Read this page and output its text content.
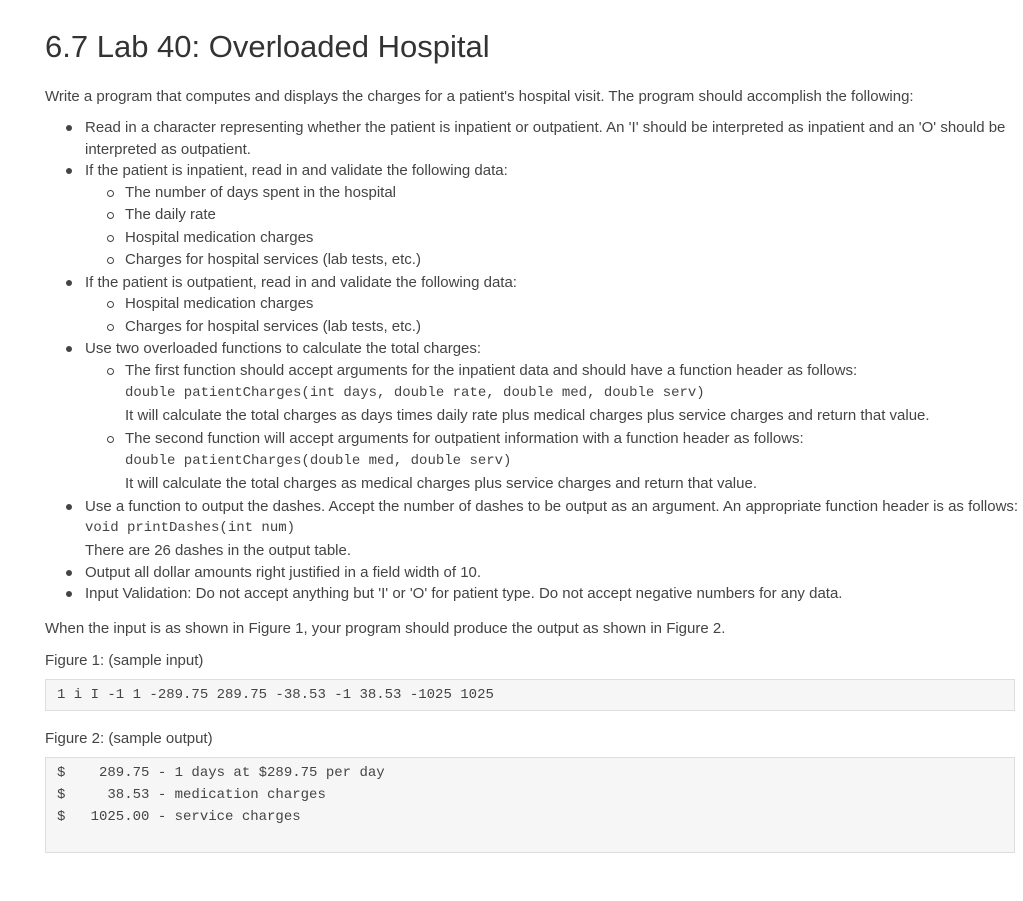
6.7 Lab 40: Overloaded Hospital

Write a program that computes and displays the charges for a patient's hospital visit. The program should accomplish the following:

Read in a character representing whether the patient is inpatient or outpatient. An 'I' should be interpreted as inpatient and an 'O' should be interpreted as outpatient.
If the patient is inpatient, read in and validate the following data:
The number of days spent in the hospital
The daily rate
Hospital medication charges
Charges for hospital services (lab tests, etc.)
If the patient is outpatient, read in and validate the following data:
Hospital medication charges
Charges for hospital services (lab tests, etc.)
Use two overloaded functions to calculate the total charges:
The first function should accept arguments for the inpatient data and should have a function header as follows:
double patientCharges(int days, double rate, double med, double serv)
It will calculate the total charges as days times daily rate plus medical charges plus service charges and return that value.
The second function will accept arguments for outpatient information with a function header as follows:
double patientCharges(double med, double serv)
It will calculate the total charges as medical charges plus service charges and return that value.
Use a function to output the dashes. Accept the number of dashes to be output as an argument. An appropriate function header is as follows:
void printDashes(int num)
There are 26 dashes in the output table.
Output all dollar amounts right justified in a field width of 10.
Input Validation: Do not accept anything but 'I' or 'O' for patient type. Do not accept negative numbers for any data.

When the input is as shown in Figure 1, your program should produce the output as shown in Figure 2.

Figure 1: (sample input)

1 i I -1 1 -289.75 289.75 -38.53 -1 38.53 -1025 1025

Figure 2: (sample output)

$    289.75 - 1 days at $289.75 per day
$     38.53 - medication charges
$   1025.00 - service charges
